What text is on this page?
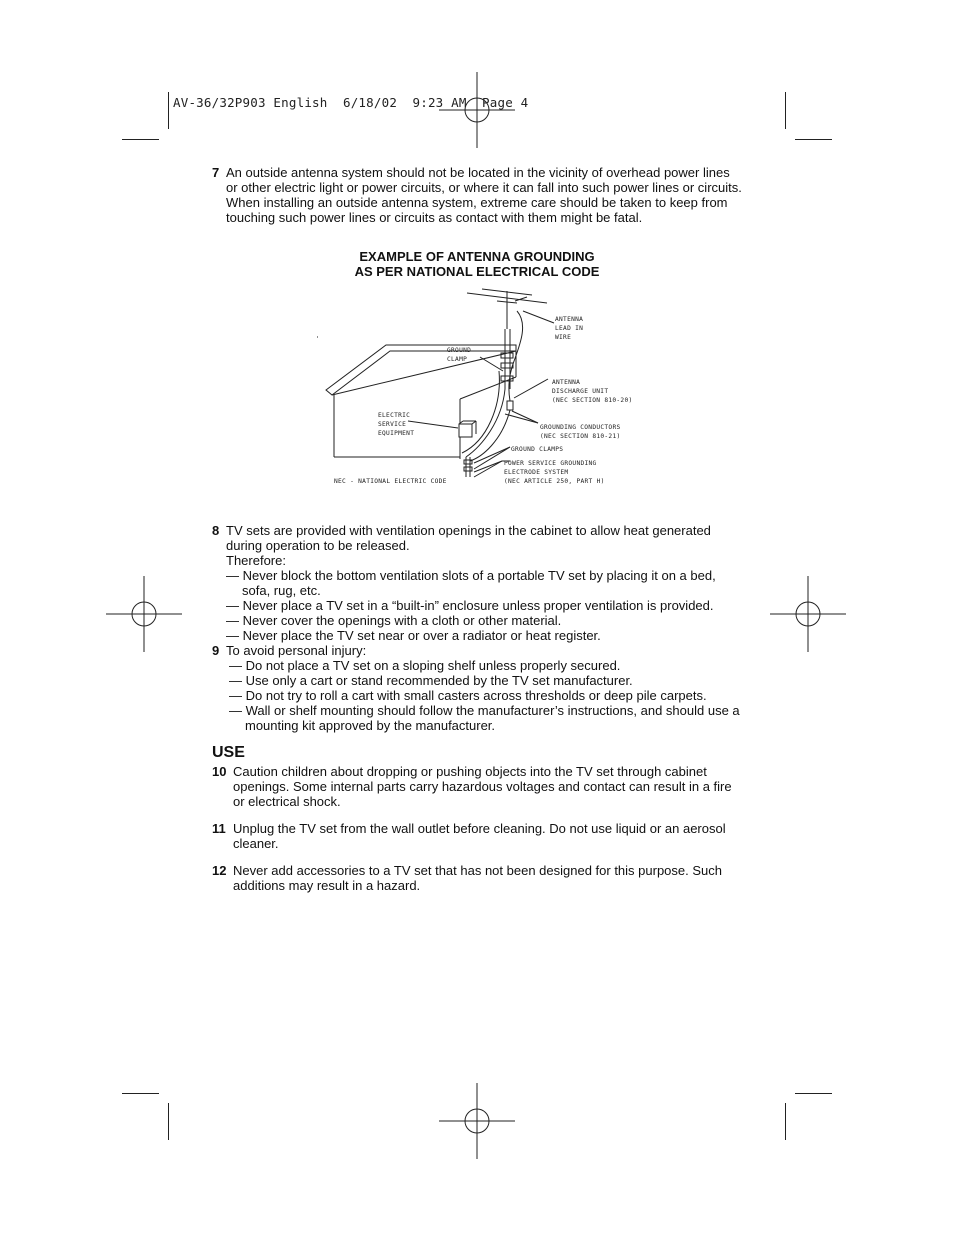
AV-36/32P903 English  6/18/02  9:23 AM  Page 4
7 An outside antenna system should not be located in the vicinity of overhead power lines or other electric light or power circuits, or where it can fall into such power lines or circuits. When installing an outside antenna system, extreme care should be taken to keep from touching such power lines or circuits as contact with them might be fatal.

EXAMPLE OF ANTENNA GROUNDING
AS PER NATIONAL ELECTRICAL CODE
ANTENNA
LEAD IN
WIRE
GROUND
CLAMP
ANTENNA
DISCHARGE UNIT
(NEC SECTION 810-20)
ELECTRIC
SERVICE
EQUIPMENT
GROUNDING CONDUCTORS
(NEC SECTION 810-21)
GROUND CLAMPS
POWER SERVICE GROUNDING
ELECTRODE SYSTEM
(NEC ARTICLE 250, PART H)
NEC - NATIONAL ELECTRIC CODE
8 TV sets are provided with ventilation openings in the cabinet to allow heat generated during operation to be released.

Therefore:

— Never block the bottom ventilation slots of a portable TV set by placing it on a bed, sofa, rug, etc.
— Never place a TV set in a “built-in” enclosure unless proper ventilation is provided.
— Never cover the openings with a cloth or other material.
— Never place the TV set near or over a radiator or heat register.
9 To avoid personal injury:

— Do not place a TV set on a sloping shelf unless properly secured.
— Use only a cart or stand recommended by the TV set manufacturer.
— Do not try to roll a cart with small casters across thresholds or deep pile carpets.
— Wall or shelf mounting should follow the manufacturer’s instructions, and should use a mounting kit approved by the manufacturer.
USE
10 Caution children about dropping or pushing objects into the TV set through cabinet openings. Some internal parts carry hazardous voltages and contact can result in a fire or electrical shock.

11 Unplug the TV set from the wall outlet before cleaning. Do not use liquid or an aerosol cleaner.

12 Never add accessories to a TV set that has not been designed for this purpose. Such additions may result in a hazard.
